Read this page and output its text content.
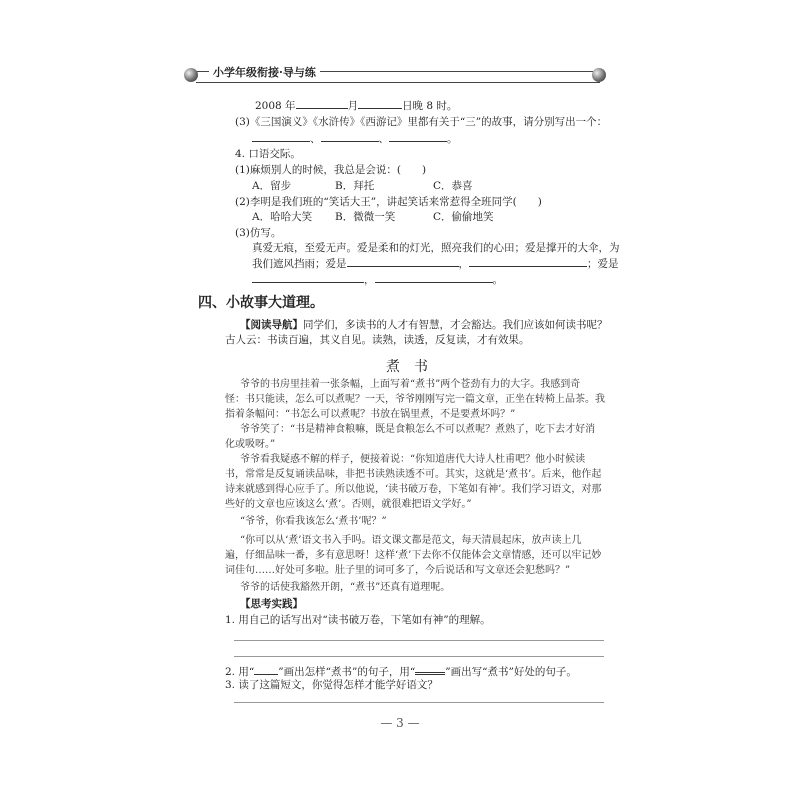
小学年级衔接·导与练
2008 年	月	日晚 8 时。
(3)《三国演义》《水浒传》《西游记》里都有关于“三”的故事，请分别写出一个：
、	、	。
4. 口语交际。
(1)麻烦别人的时候，我总是会说：(　　)
A．留步	B．拜托	C．恭喜
(2)李明是我们班的“笑话大王”，讲起笑话来常惹得全班同学(　　)
A．哈哈大笑 B．微微一笑	C．偷偷地笑
(3)仿写。
真爱无痕，至爱无声。爱是柔和的灯光，照亮我们的心田；爱是撑开的大伞，为
我们遮风挡雨；爱是	，	；爱是
，	。
四、小故事大道理。
【阅读导航】同学们，多读书的人才有智慧，才会豁达。我们应该如何读书呢？
古人云：书读百遍，其义自见。读熟，读透，反复读，才有效果。
煮书
爷爷的书房里挂着一张条幅，上面写着“煮书”两个苍劲有力的大字。我感到奇
怪：书只能读，怎么可以煮呢？一天，爷爷刚刚写完一篇文章，正坐在转椅上品茶。我
指着条幅问：“书怎么可以煮呢？书放在锅里煮，不是要煮坏吗？”
爷爷笑了：“书是精神食粮嘛，既是食粮怎么不可以煮呢？煮熟了，吃下去才好消
化或吸呀。”
爷爷看我疑惑不解的样子，便接着说：“你知道唐代大诗人杜甫吧？他小时候读
书，常常是反复诵读品味，非把书读熟读透不可。其实，这就是‘煮书’。后来，他作起
诗来就感到得心应手了。所以他说，‘读书破万卷，下笔如有神’。我们学习语文，对那
些好的文章也应该这么‘煮’。否则，就很难把语文学好。”
“爷爷，你看我该怎么‘煮书’呢？”
“你可以从‘煮’语文书入手吗。语文课文都是范文，每天清晨起床，放声读上几
遍，仔细品味一番，多有意思呀！这样‘煮’下去你不仅能体会文章情感，还可以牢记妙
词佳句……好处可多啦。肚子里的词可多了，今后说话和写文章还会犯愁吗？”
爷爷的话使我豁然开朗，“煮书”还真有道理呢。
【思考实践】
1. 用自己的话写出对“读书破万卷，下笔如有神”的理解。
2. 用“ ”画出怎样“煮书”的句子，用“	”画出写“煮书”好处的句子。
3. 读了这篇短文，你觉得怎样才能学好语文？
— 3 —
